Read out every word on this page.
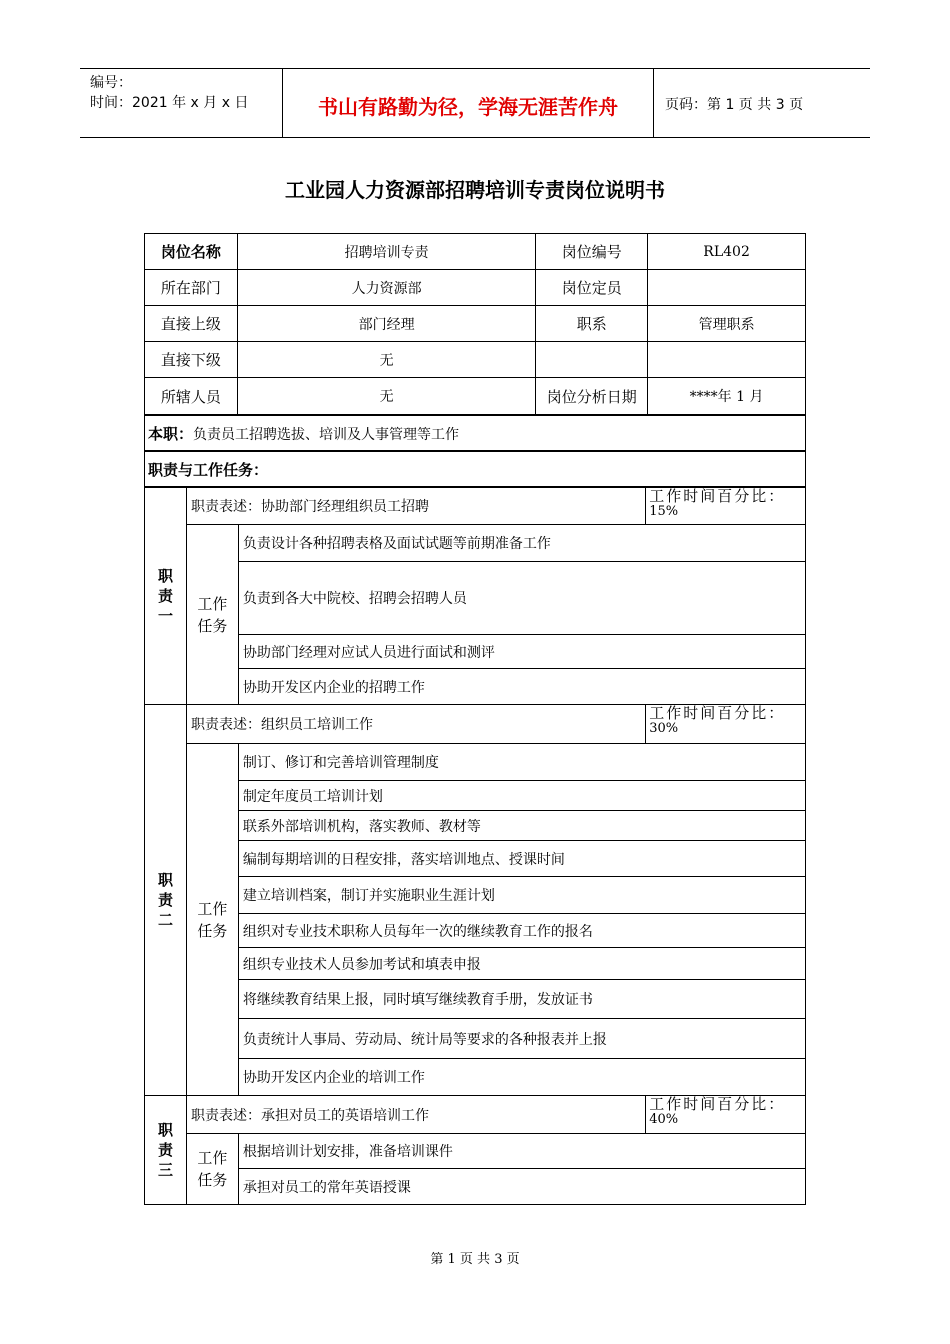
编号：
时间：2021 年 x 月 x 日	书山有路勤为径，学海无涯苦作舟	页码：第 1 页 共 3 页
工业园人力资源部招聘培训专责岗位说明书
岗位名称	招聘培训专责	岗位编号	RL402
所在部门	人力资源部	岗位定员	
直接上级	部门经理	职系	管理职系
直接下级	无		
所辖人员	无	岗位分析日期	****年 1 月
本职：负责员工招聘选拔、培训及人事管理等工作
职责与工作任务：
职责一	职责表述：协助部门经理组织员工招聘		工作时间百分比：
15%

	工作任务	负责设计各种招聘表格及面试试题等前期准备工作	
		负责到各大中院校、招聘会招聘人员	
		协助部门经理对应试人员进行面试和测评	
		协助开发区内企业的招聘工作	
职责二	职责表述：组织员工培训工作		工作时间百分比：
30%

	工作任务	制订、修订和完善培训管理制度	
		制定年度员工培训计划	
		联系外部培训机构，落实教师、教材等	
		编制每期培训的日程安排，落实培训地点、授课时间	
		建立培训档案，制订并实施职业生涯计划	
		组织对专业技术职称人员每年一次的继续教育工作的报名	
		组织专业技术人员参加考试和填表申报	
		将继续教育结果上报，同时填写继续教育手册，发放证书	
		负责统计人事局、劳动局、统计局等要求的各种报表并上报	
		协助开发区内企业的培训工作	
职责三	职责表述：承担对员工的英语培训工作		工作时间百分比：
40%

	工作任务	根据培训计划安排，准备培训课件	
		承担对员工的常年英语授课	
第 1 页 共 3 页
